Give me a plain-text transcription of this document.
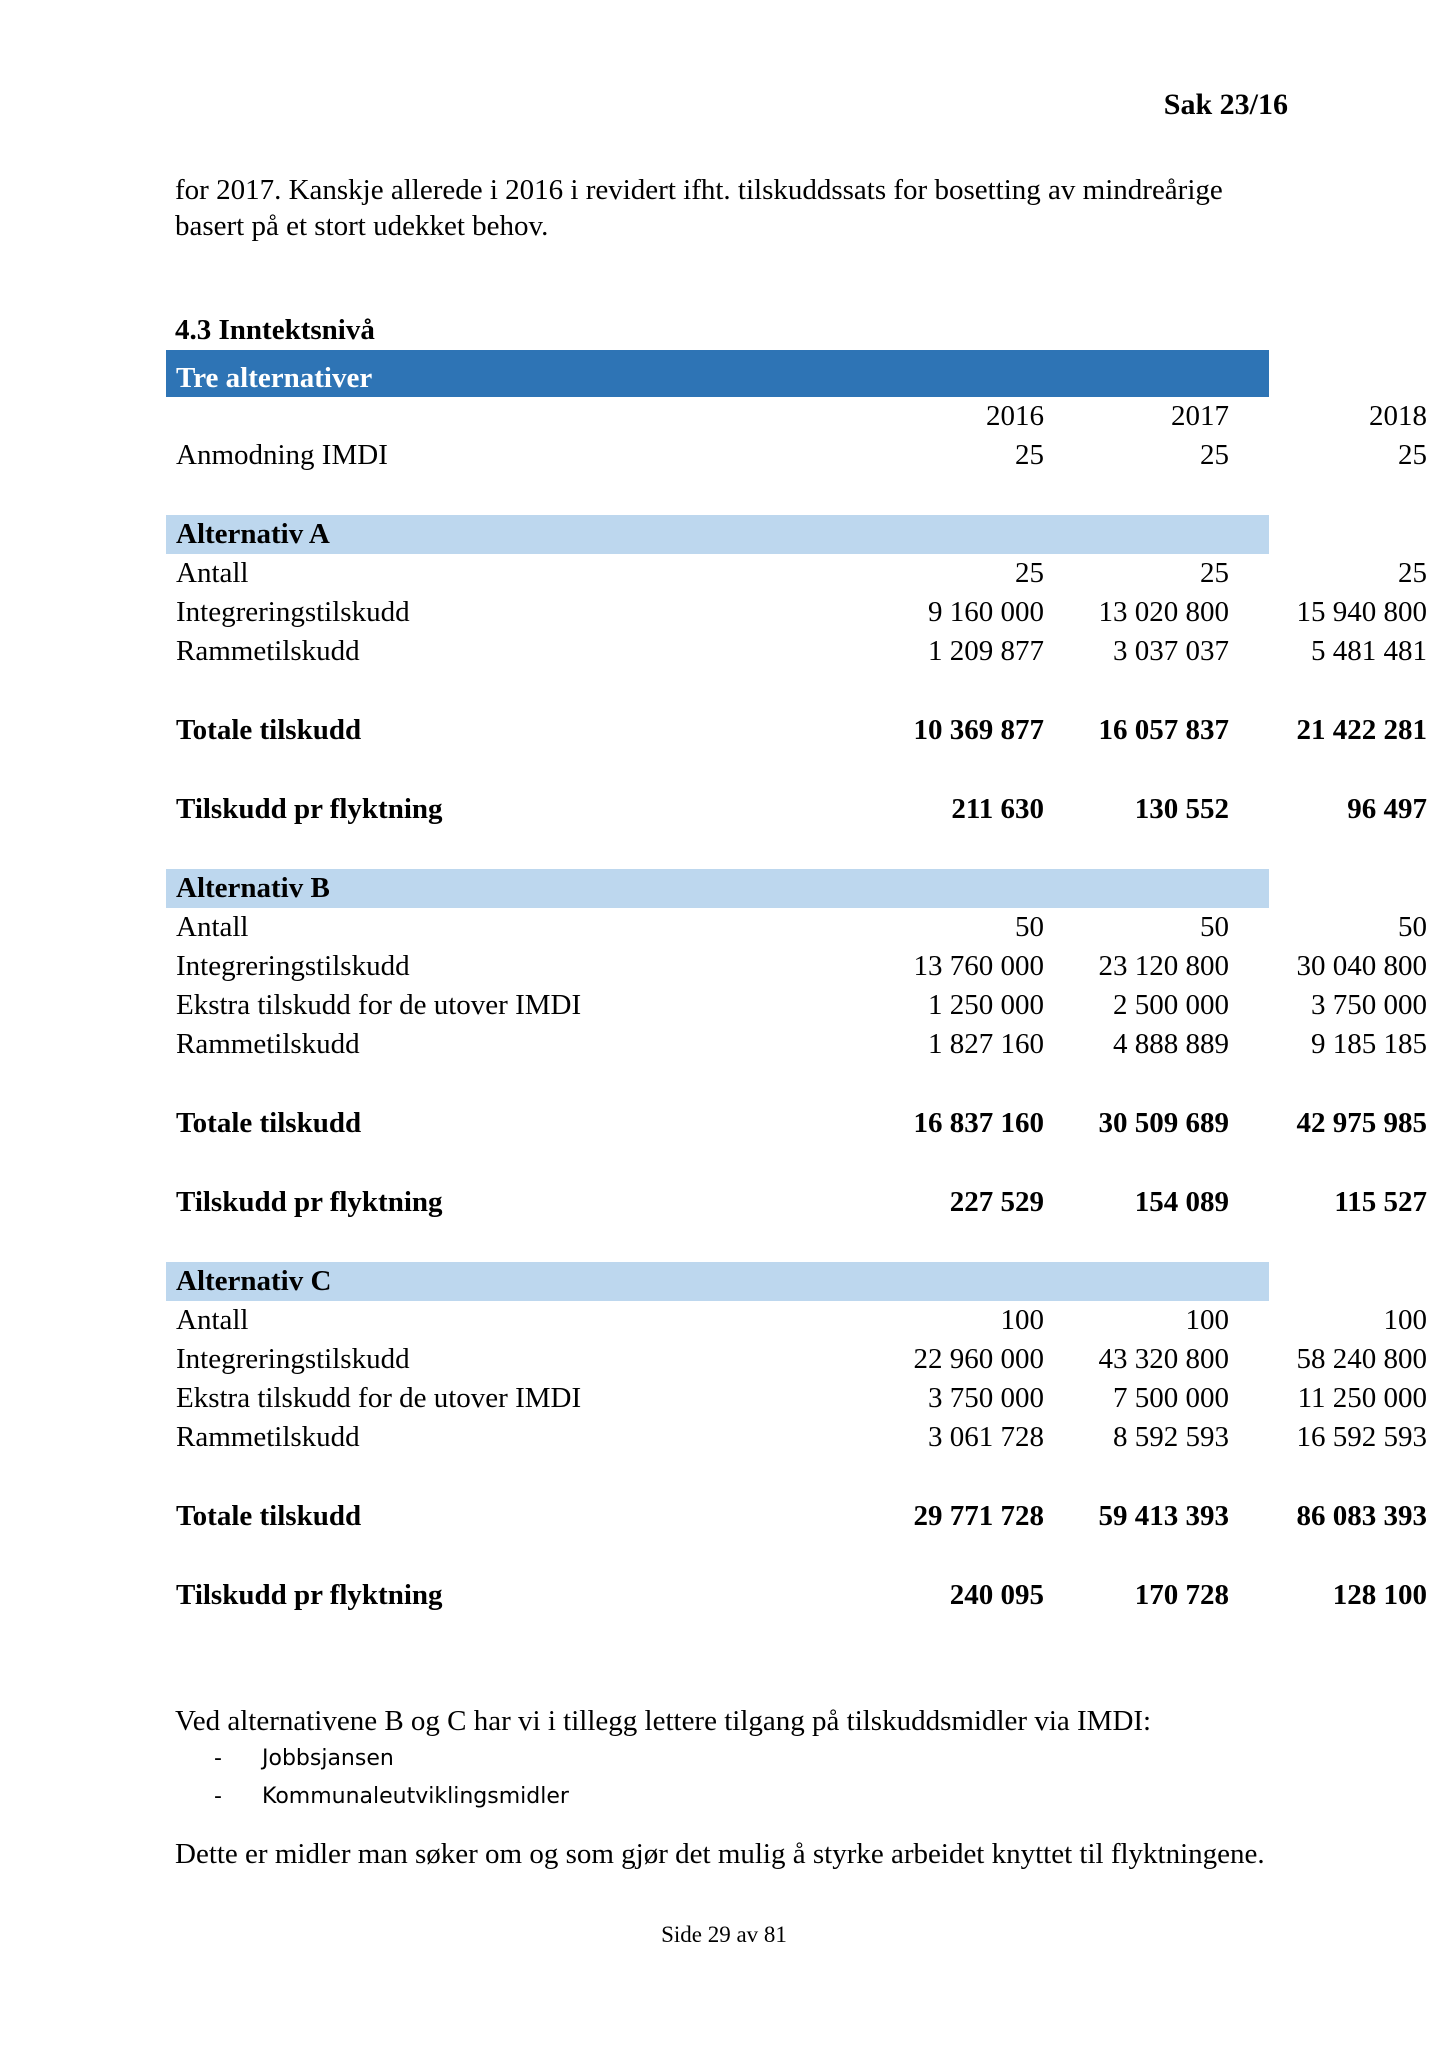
Sak 23/16
for 2017. Kanskje allerede i 2016 i revidert ifht. tilskuddssats for bosetting av mindreårige basert på et stort udekket behov.
4.3 Inntektsnivå
Tre alternativer
2016	2017	2018
Anmodning IMDI	25	25	25
Alternativ A
Antall	25	25	25
Integreringstilskudd	9 160 000	13 020 800	15 940 800
Rammetilskudd	1 209 877	3 037 037	5 481 481
Totale tilskudd	10 369 877	16 057 837	21 422 281
Tilskudd pr flyktning	211 630	130 552	96 497
Alternativ B
Antall	50	50	50
Integreringstilskudd	13 760 000	23 120 800	30 040 800
Ekstra tilskudd for de utover IMDI	1 250 000	2 500 000	3 750 000
Rammetilskudd	1 827 160	4 888 889	9 185 185
Totale tilskudd	16 837 160	30 509 689	42 975 985
Tilskudd pr flyktning	227 529	154 089	115 527
Alternativ C
Antall	100	100	100
Integreringstilskudd	22 960 000	43 320 800	58 240 800
Ekstra tilskudd for de utover IMDI	3 750 000	7 500 000	11 250 000
Rammetilskudd	3 061 728	8 592 593	16 592 593
Totale tilskudd	29 771 728	59 413 393	86 083 393
Tilskudd pr flyktning	240 095	170 728	128 100
Ved alternativene B og C har vi i tillegg lettere tilgang på tilskuddsmidler via IMDI:
- Jobbsjansen
- Kommunaleutviklingsmidler
Dette er midler man søker om og som gjør det mulig å styrke arbeidet knyttet til flyktningene.
Side 29 av 81
